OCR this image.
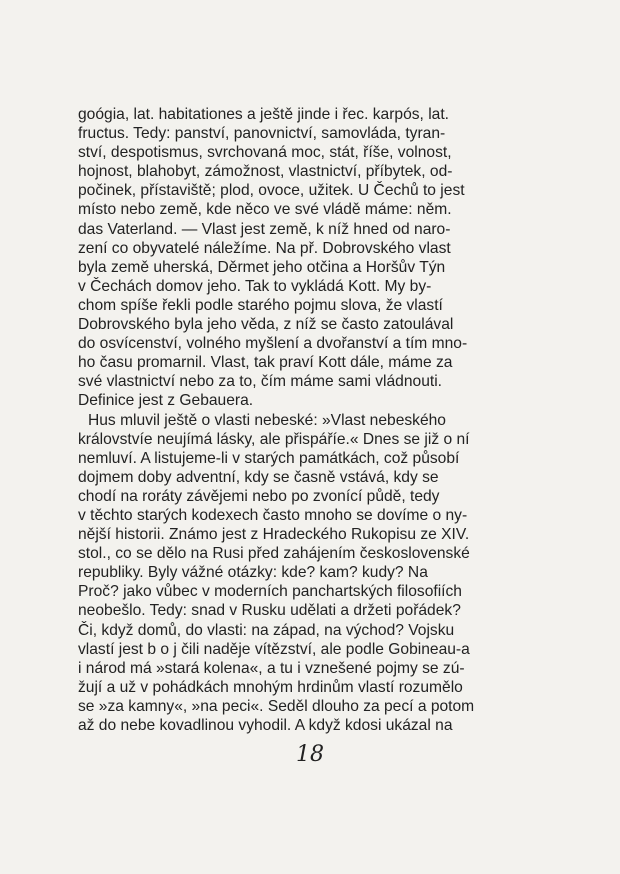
goógia, lat. habitationes a ještě jinde i řec. karpós, lat.
fructus. Tedy: panství, panovnictví, samovláda, tyran-
ství, despotismus, svrchovaná moc, stát, říše, volnost,
hojnost, blahobyt, zámožnost, vlastnictví, příbytek, od-
počinek, přístaviště; plod, ovoce, užitek. U Čechů to jest
místo nebo země, kde něco ve své vládě máme: něm.
das Vaterland. — Vlast jest země, k níž hned od naro-
zení co obyvatelé náležíme. Na př. Dobrovského vlast
byla země uherská, Děrmet jeho otčina a Horšův Týn
v Čechách domov jeho. Tak to vykládá Kott. My by-
chom spíše řekli podle starého pojmu slova, že vlastí
Dobrovského byla jeho věda, z níž se často zatoulával
do osvícenství, volného myšlení a dvořanství a tím mno-
ho času promarnil. Vlast, tak praví Kott dále, máme za
své vlastnictví nebo za to, čím máme sami vládnouti.
Definice jest z Gebauera.
Hus mluvil ještě o vlasti nebeské: »Vlast nebeského
královstvíe neujímá lásky, ale přispáříe.« Dnes se již o ní
nemluví. A listujeme-li v starých památkách, což působí
dojmem doby adventní, kdy se časně vstává, kdy se
chodí na roráty závějemi nebo po zvonící půdě, tedy
v těchto starých kodexech často mnoho se dovíme o ny-
nější historii. Známo jest z Hradeckého Rukopisu ze XIV.
stol., co se dělo na Rusi před zahájením československé
republiky. Byly vážné otázky: kde? kam? kudy? Na
Proč? jako vůbec v moderních panchartských filosofiích
neobešlo. Tedy: snad v Rusku udělati a držeti pořádek?
Či, když domů, do vlasti: na západ, na východ? Vojsku
vlastí jest b o j čili naděje vítězství, ale podle Gobineau-a
i národ má »stará kolena«, a tu i vznešené pojmy se zú-
žují a už v pohádkách mnohým hrdinům vlastí rozumělo
se »za kamny«, »na peci«. Seděl dlouho za pecí a potom
až do nebe kovadlinou vyhodil. A když kdosi ukázal na
18
